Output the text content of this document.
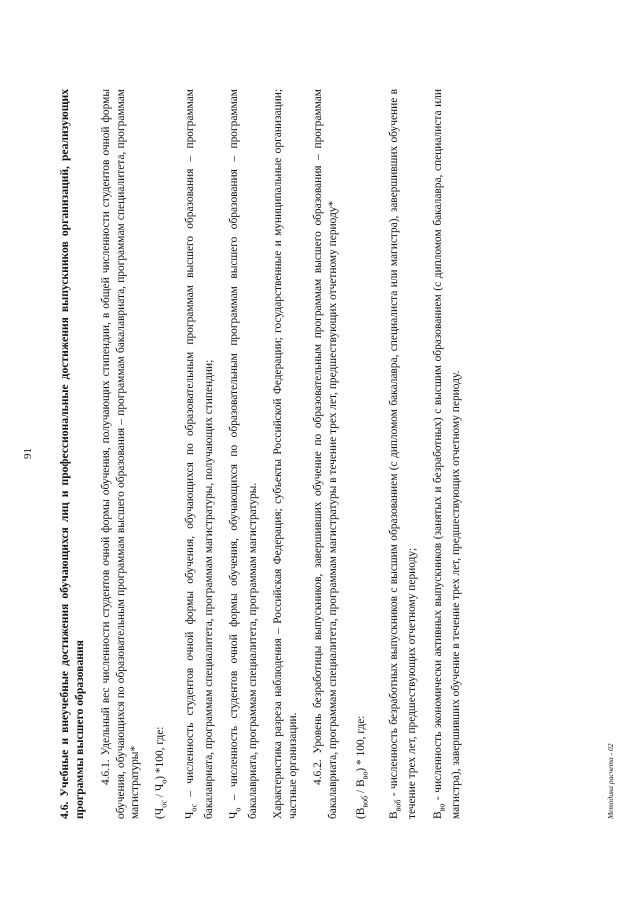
91 4.6. Учебные и внеучебные достижения обучающихся лиц и профессиональные достижения выпускников организаций, реализующих программы высшего образования 4.6.1. Удельный вес численности студентов очной формы обучения, получающих стипендии, в общей численности студентов очной формы обучения, обучающихся по образовательным программам высшего образования – программам бакалавриата, программам специалитета, программам магистратуры* $(Ч_{ос} / Ч_о)$ *100, где:

$Ч_{ос}$ – численность студентов очной формы обучения, обучающихся по образовательным программам высшего образования – программам бакалавриата, программам специалитета, программам магистратуры, получающих стипендии; $Ч_о$ – численность студентов очной формы обучения, обучающихся по образовательным программам высшего образования – программам бакалавриата, программам специалитета, программам магистратуры. Характеристика разреза наблюдения – Российская Федерация; субъекты Российской Федерации; государственные и муниципальные организации; частные организации. 4.6.2. Уровень безработицы выпускников, завершивших обучение по образовательным программам высшего образования – программам бакалавриата, программам специалитета, программам магистратуры в течение трех лет, предшествующих отчетному периоду* $(В_{воб} / В_{во}) * 100$, где:

$В_{воб}$ - численность безработных выпускников с высшим образованием (с дипломом бакалавра, специалиста или магистра), завершивших обучение в течение трех лет, предшествующих отчетному периоду; $В_{во}$ - численность экономически активных выпускников (занятых и безработных) с высшим образованием (с дипломом бакалавра, специалиста или магистра), завершивших обучение в течение трех лет, предшествующих отчетному периоду.	Методика расчета - 02
